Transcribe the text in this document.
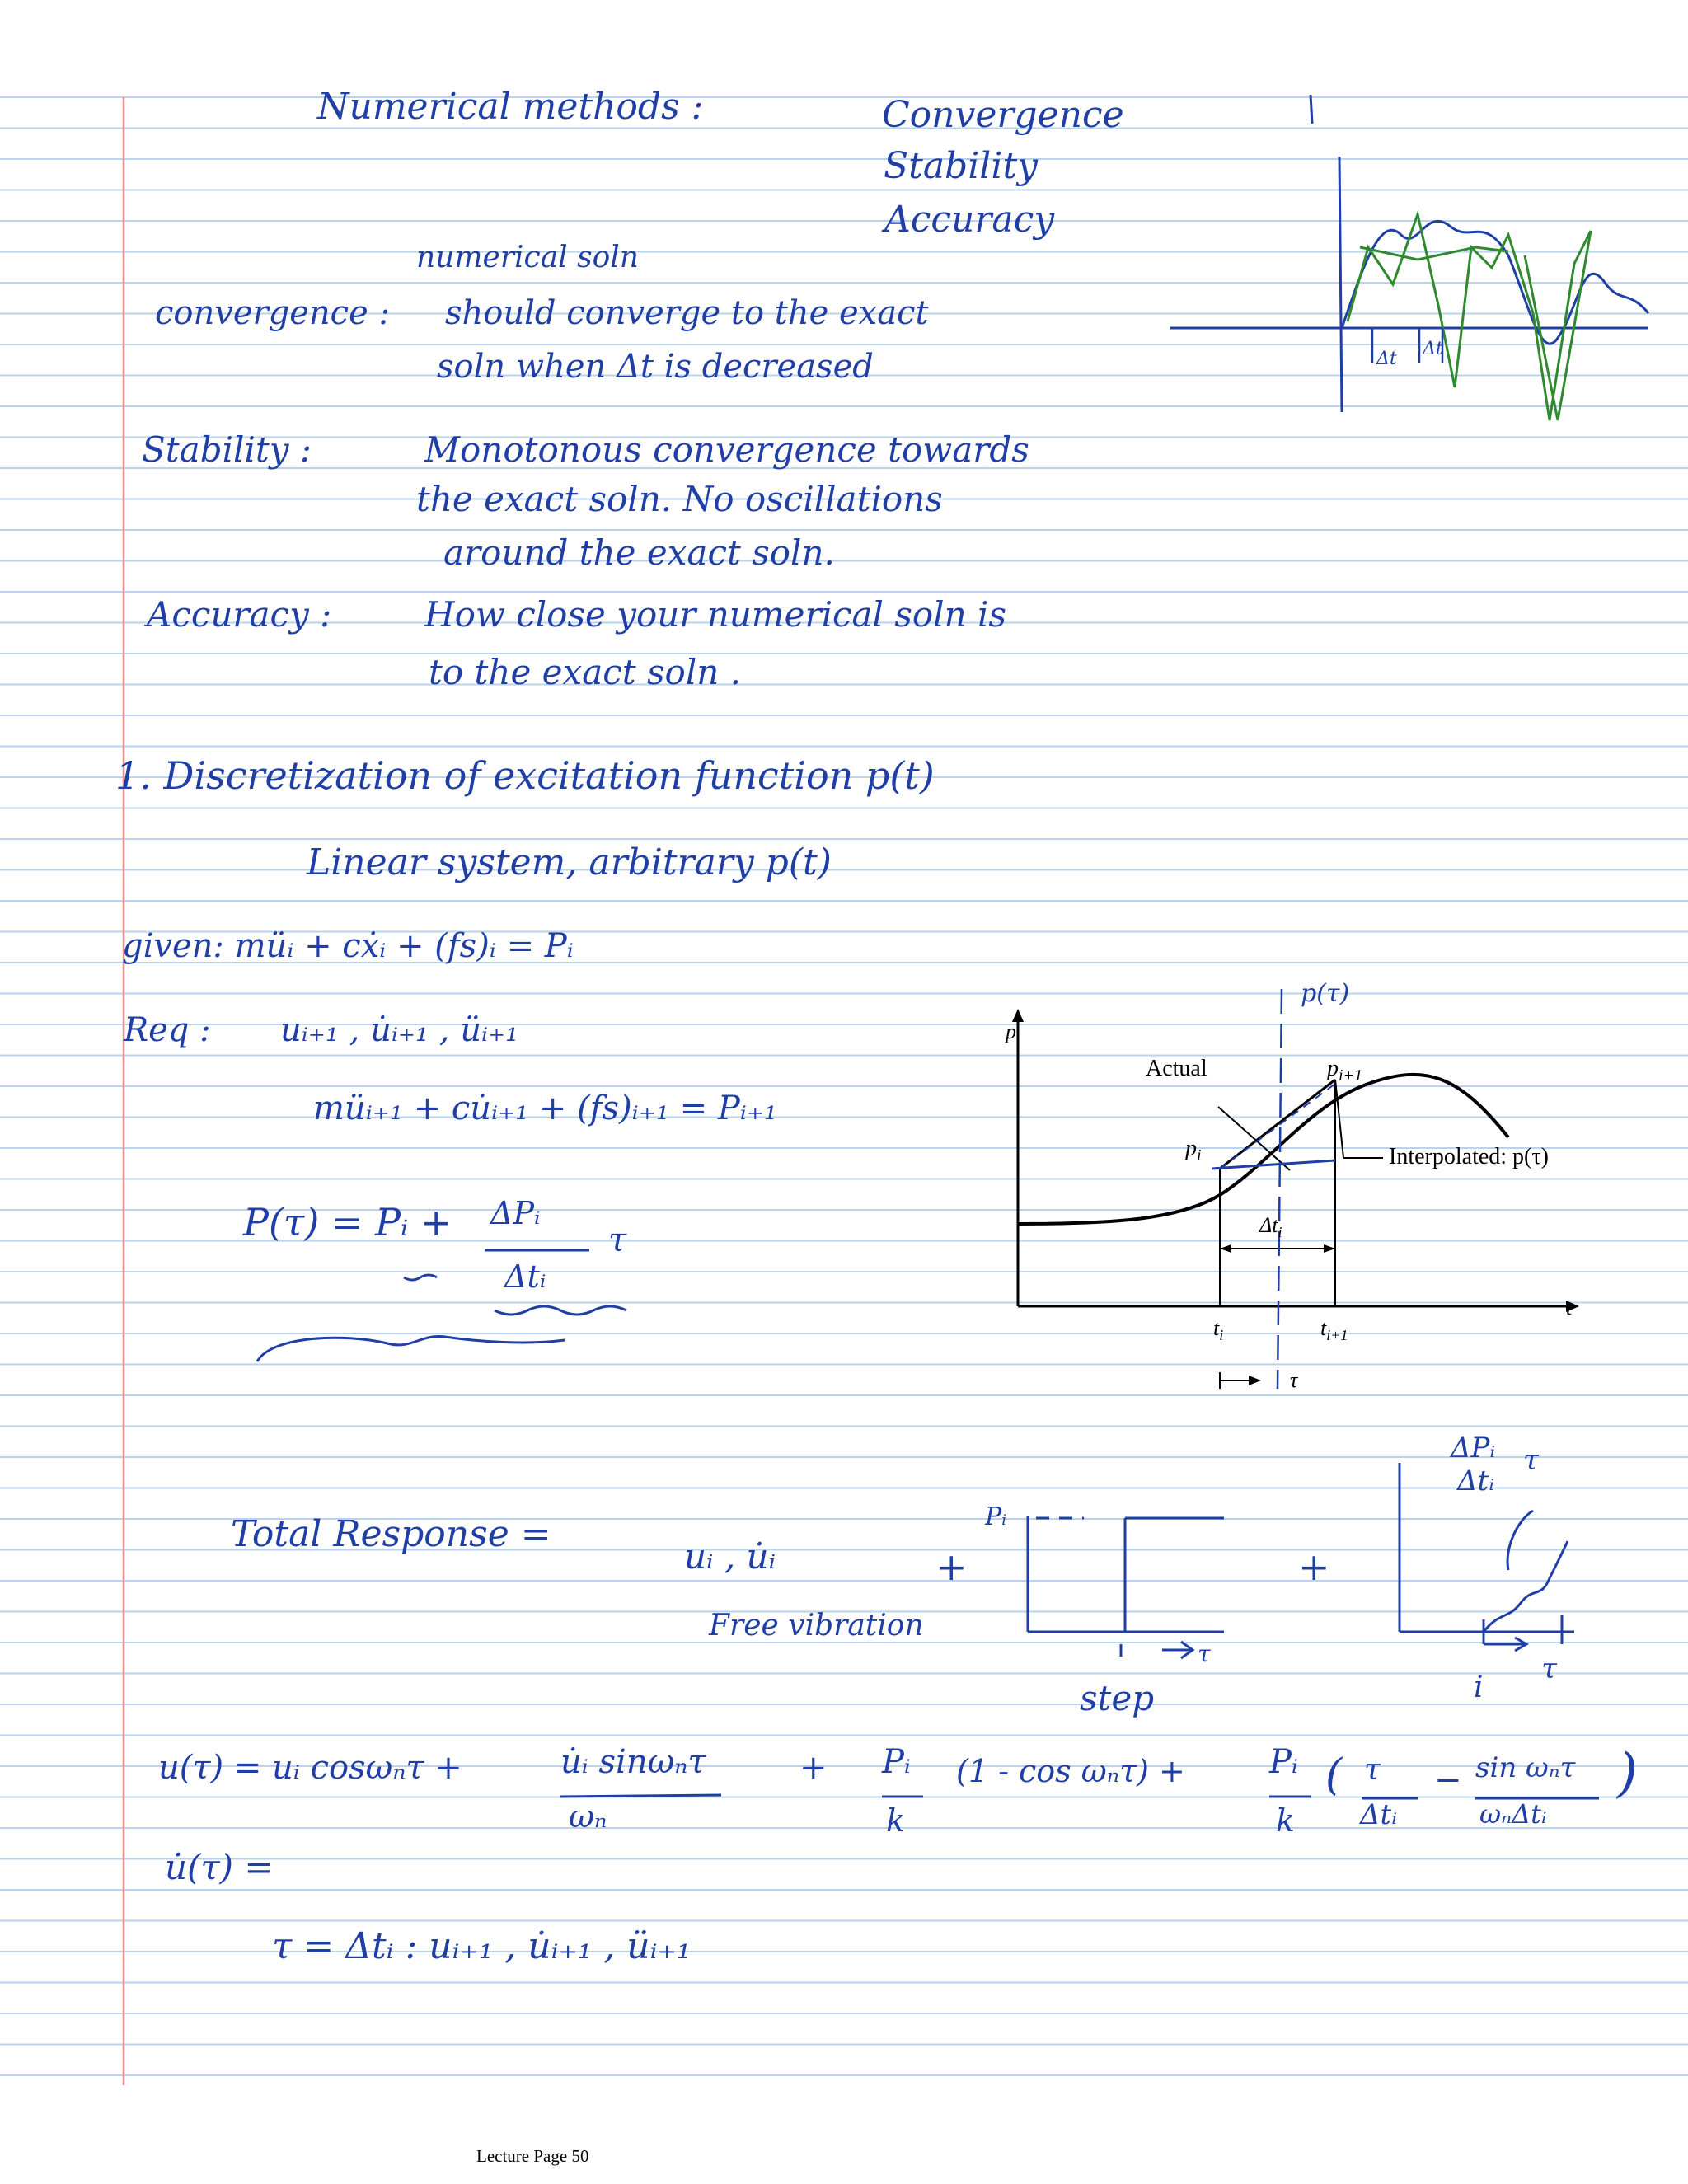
Numerical methods :	Convergence
Stability
Accuracy
numerical soln
convergence : should converge to the exact
soln when Δt is decreased
Stability :	Monotonous convergence towards
the exact soln. No oscillations
around the exact soln.
Accuracy :	How close your numerical soln is
to the exact soln .
Δt Δt
1. Discretization of excitation function p(t)
Linear system, arbitrary p(t)
given: müᵢ + cẋᵢ + (fs)ᵢ = Pᵢ
Req : uᵢ₊₁ , u̇ᵢ₊₁ , üᵢ₊₁
müᵢ₊₁ + cu̇ᵢ₊₁ + (fs)ᵢ₊₁ = Pᵢ₊₁
P(τ) = Pᵢ + ΔPᵢ
Δtᵢ
τ
p
t
p(τ)
Actual	$p_{i+1}$
$p_i$	Interpolated: p(τ)
$\Delta t_i$
$t_i$	$t_{i+1}$
τ
Total Response =
uᵢ , u̇ᵢ
Free vibration
+	+
Pᵢ
τ
step
ΔPᵢ
Δtᵢ
τ
i
τ
u(τ) = uᵢ cosωₙτ +	u̇ᵢ sinωₙτ
ωₙ
+ Pᵢ
k
(1 - cos ωₙτ) +	Pᵢ
k
( τ
Δtᵢ
− sin ωₙτ
ωₙΔtᵢ
)
u̇(τ) =
τ = Δtᵢ : uᵢ₊₁ , u̇ᵢ₊₁ , üᵢ₊₁
Lecture Page 50
